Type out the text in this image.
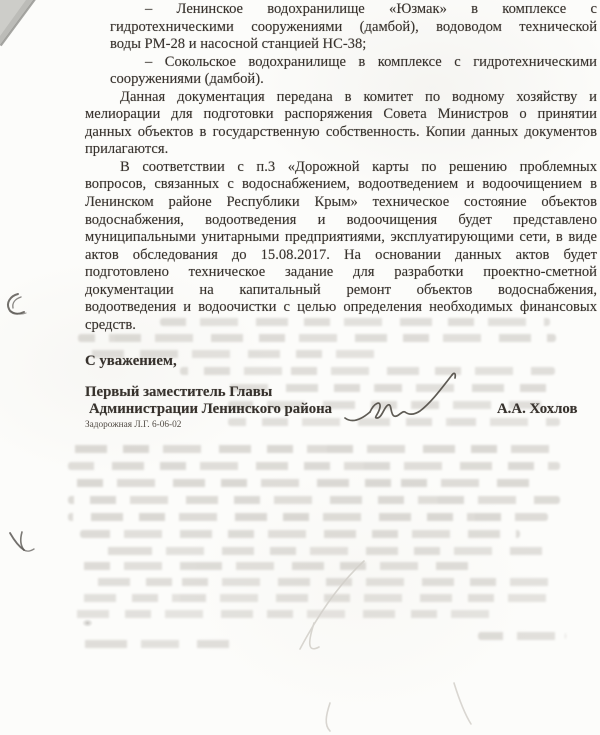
– Ленинское водохранилище «Юзмак» в комплексе с
гидротехническими сооружениями (дамбой), водоводом технической
воды РМ-28 и насосной станцией НС-38;
– Сокольское водохранилище в комплексе с гидротехническими
сооружениями (дамбой).
Данная документация передана в комитет по водному хозяйству и
мелиорации для подготовки распоряжения Совета Министров о принятии
данных объектов в государственную собственность. Копии данных документов
прилагаются.
В соответствии с п.3 «Дорожной карты по решению проблемных
вопросов, связанных с водоснабжением, водоотведением и водоочищением в
Ленинском районе Республики Крым» техническое состояние объектов
водоснабжения, водоотведения и водоочищения будет представлено
муниципальными унитарными предприятиями, эксплуатирующими сети, в виде
актов обследования до 15.08.2017. На основании данных актов будет
подготовлено техническое задание для разработки проектно-сметной
документации на капитальный ремонт объектов водоснабжения,
водоотведения и водоочистки с целью определения необходимых финансовых
средств.
С уважением,
Первый заместитель Главы
Администрации Ленинского района
Задорожная Л.Г. 6-06-02
А.А. Хохлов
